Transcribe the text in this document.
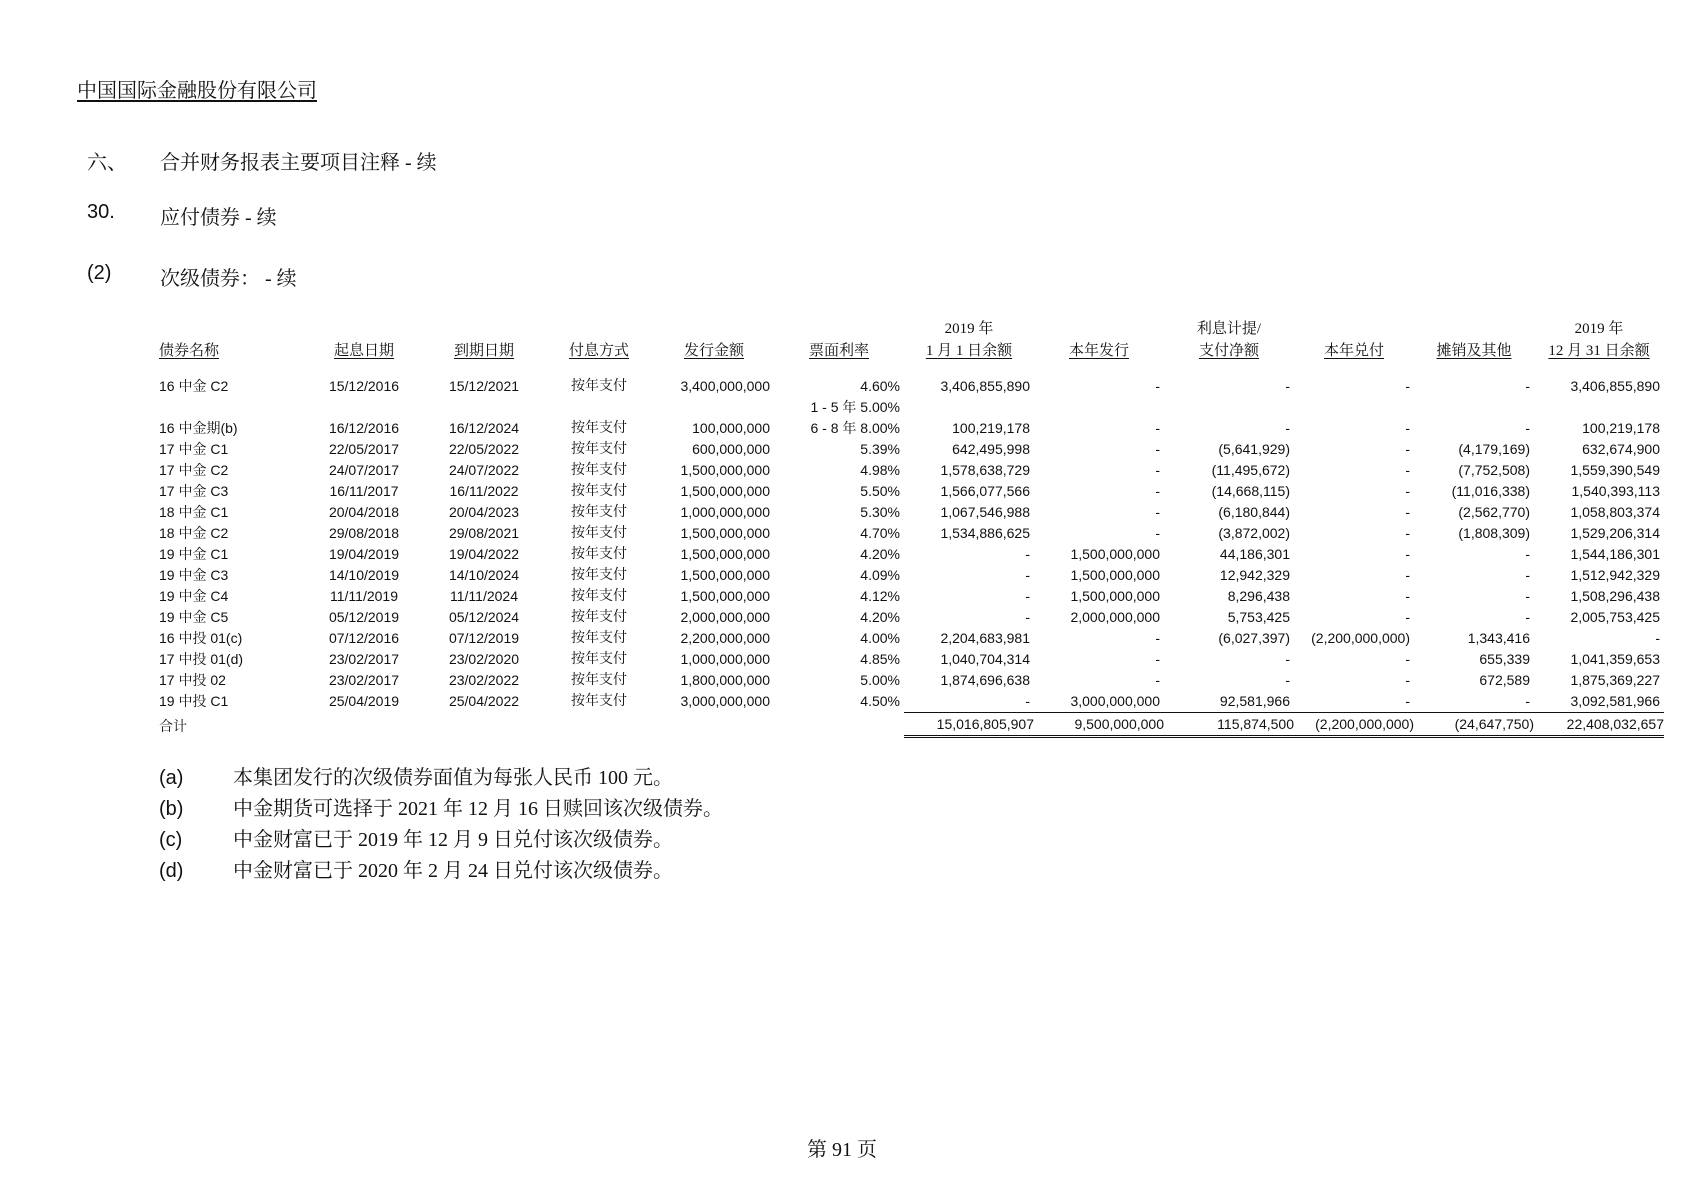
中国国际金融股份有限公司
六、 合并财务报表主要项目注释 - 续
30. 应付债券 - 续
(2) 次级债券： - 续
						2019 年		利息计提/			2019 年
债券名称	起息日期	到期日期	付息方式	发行金额	票面利率	1 月 1 日余额	本年发行	支付净额	本年兑付	摊销及其他	12 月 31 日余额

16 中金 C2	15/12/2016	15/12/2021	按年支付	3,400,000,000	4.60%	3,406,855,890	-	-	-	-	3,406,855,890
					1 - 5 年 5.00%						
16 中金期(b)	16/12/2016	16/12/2024	按年支付	100,000,000	6 - 8 年 8.00%	100,219,178	-	-	-	-	100,219,178
17 中金 C1	22/05/2017	22/05/2022	按年支付	600,000,000	5.39%	642,495,998	-	(5,641,929)	-	(4,179,169)	632,674,900
17 中金 C2	24/07/2017	24/07/2022	按年支付	1,500,000,000	4.98%	1,578,638,729	-	(11,495,672)	-	(7,752,508)	1,559,390,549
17 中金 C3	16/11/2017	16/11/2022	按年支付	1,500,000,000	5.50%	1,566,077,566	-	(14,668,115)	-	(11,016,338)	1,540,393,113
18 中金 C1	20/04/2018	20/04/2023	按年支付	1,000,000,000	5.30%	1,067,546,988	-	(6,180,844)	-	(2,562,770)	1,058,803,374
18 中金 C2	29/08/2018	29/08/2021	按年支付	1,500,000,000	4.70%	1,534,886,625	-	(3,872,002)	-	(1,808,309)	1,529,206,314
19 中金 C1	19/04/2019	19/04/2022	按年支付	1,500,000,000	4.20%	-	1,500,000,000	44,186,301	-	-	1,544,186,301
19 中金 C3	14/10/2019	14/10/2024	按年支付	1,500,000,000	4.09%	-	1,500,000,000	12,942,329	-	-	1,512,942,329
19 中金 C4	11/11/2019	11/11/2024	按年支付	1,500,000,000	4.12%	-	1,500,000,000	8,296,438	-	-	1,508,296,438
19 中金 C5	05/12/2019	05/12/2024	按年支付	2,000,000,000	4.20%	-	2,000,000,000	5,753,425	-	-	2,005,753,425
16 中投 01(c)	07/12/2016	07/12/2019	按年支付	2,200,000,000	4.00%	2,204,683,981	-	(6,027,397)	(2,200,000,000)	1,343,416	-
17 中投 01(d)	23/02/2017	23/02/2020	按年支付	1,000,000,000	4.85%	1,040,704,314	-	-	-	655,339	1,041,359,653
17 中投 02	23/02/2017	23/02/2022	按年支付	1,800,000,000	5.00%	1,874,696,638	-	-	-	672,589	1,875,369,227
19 中投 C1	25/04/2019	25/04/2022	按年支付	3,000,000,000	4.50%	-	3,000,000,000	92,581,966	-	-	3,092,581,966
合计						15,016,805,907	9,500,000,000	115,874,500	(2,200,000,000)	(24,647,750)	22,408,032,657
(a) 本集团发行的次级债券面值为每张人民币 100 元。
(b) 中金期货可选择于 2021 年 12 月 16 日赎回该次级债券。
(c)	中金财富已于 2019 年 12 月 9 日兑付该次级债券。
(d) 中金财富已于 2020 年 2 月 24 日兑付该次级债券。
第 91 页
